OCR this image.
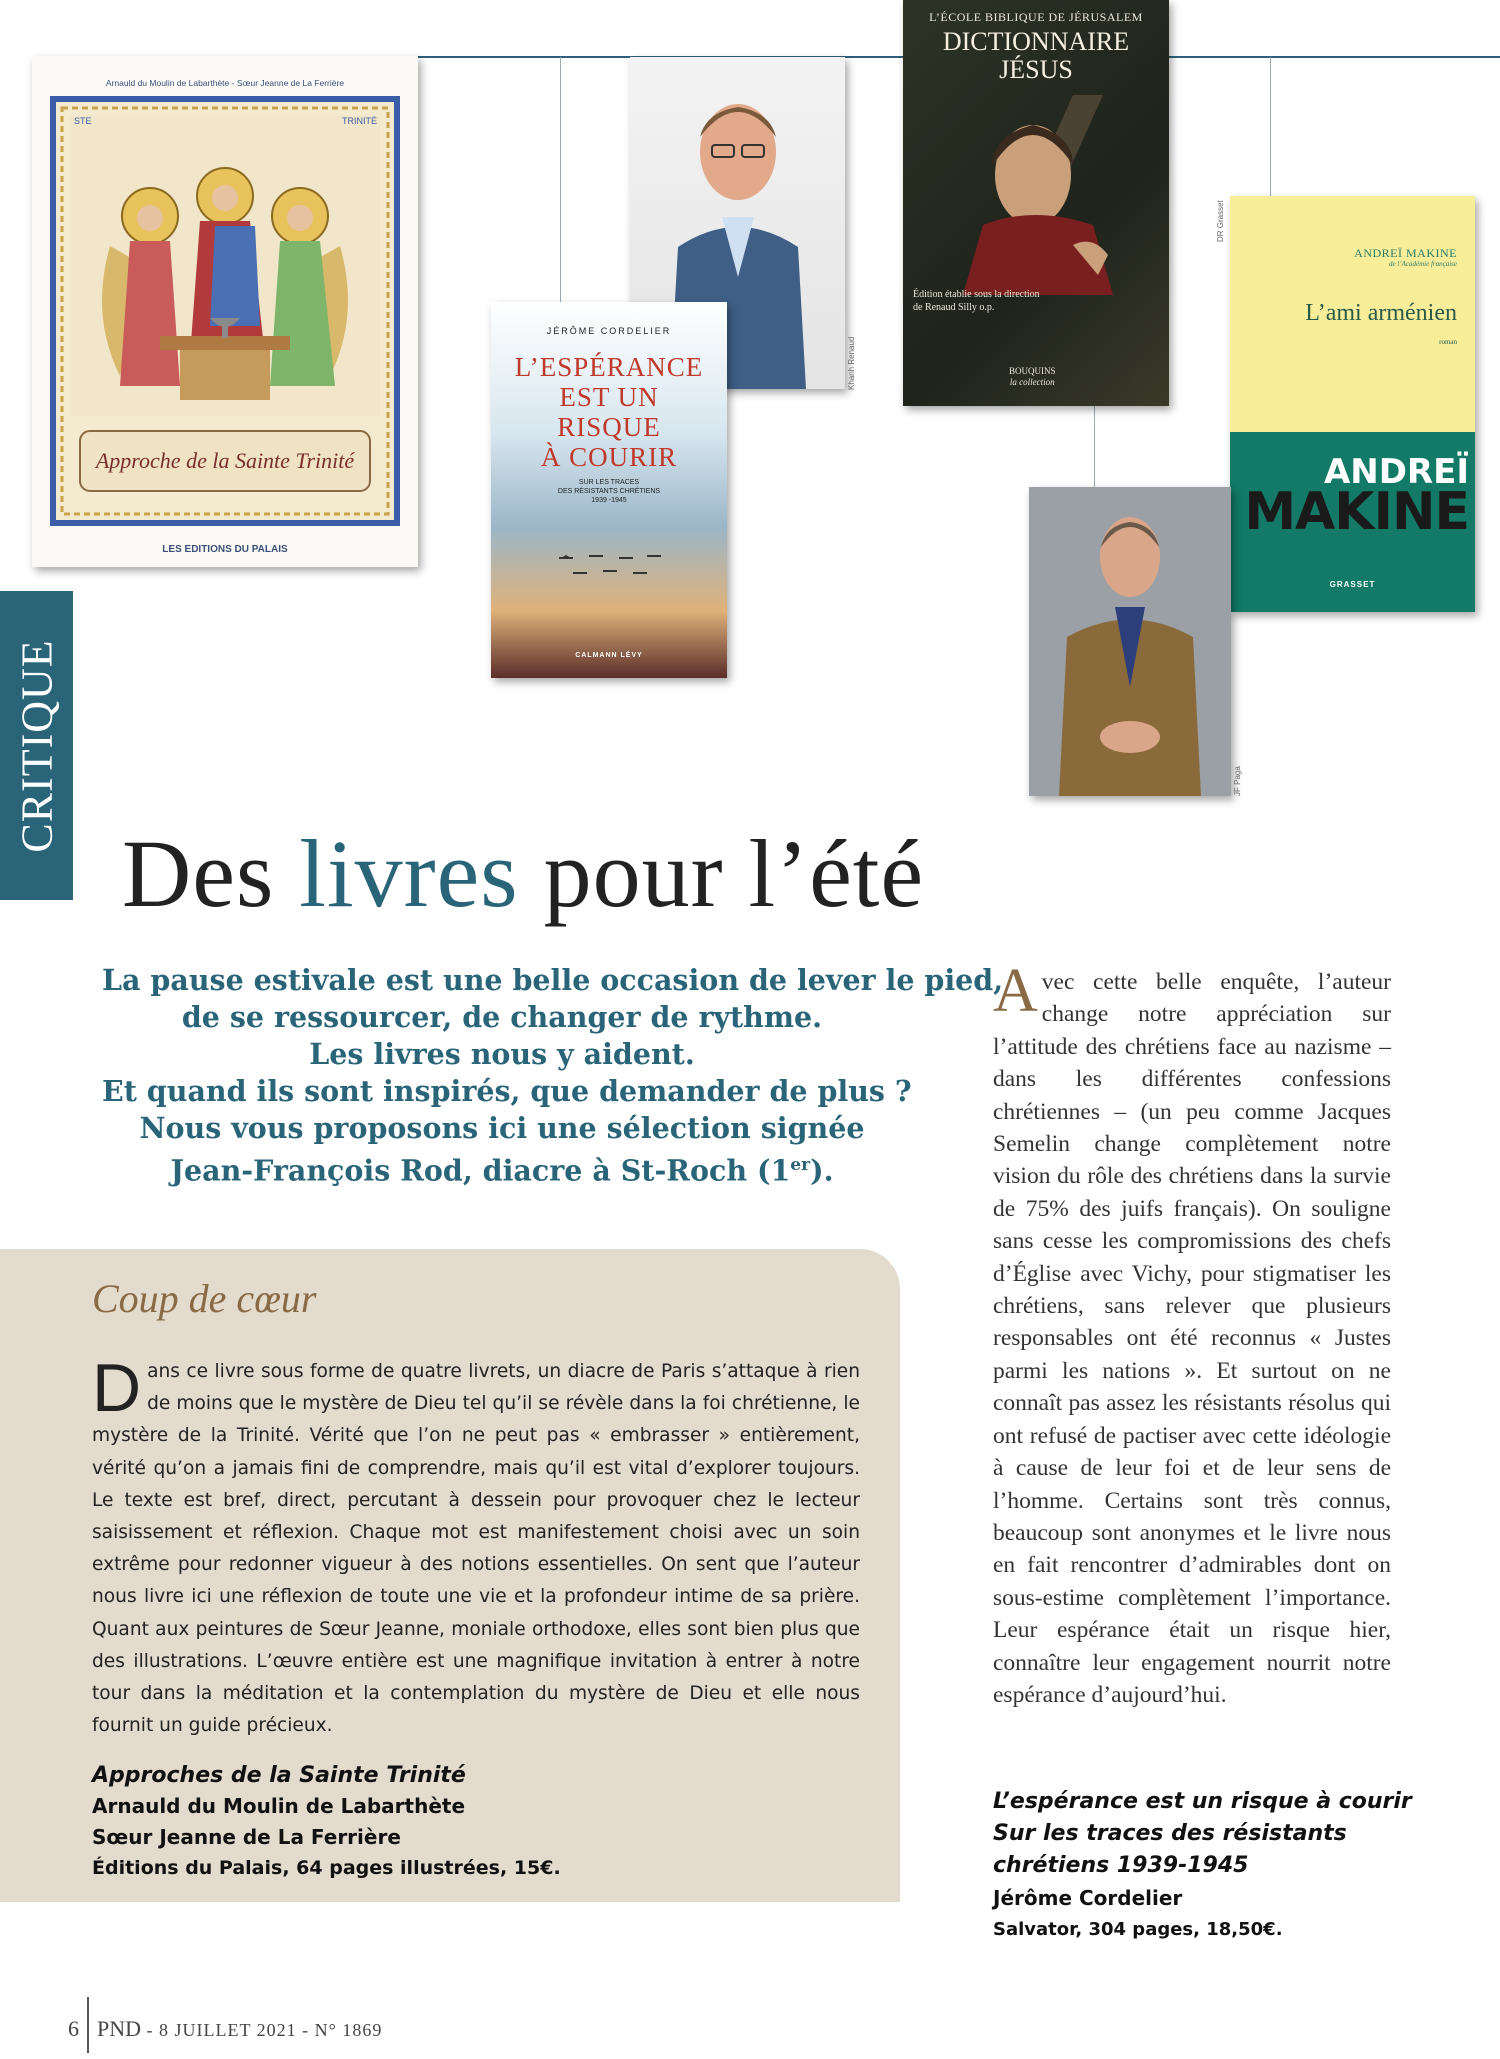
Arnauld du Moulin de Labarthète - Sœur Jeanne de La Ferrière
STE	TRINITÉ
Approche de la Sainte Trinité
LES EDITIONS DU PALAIS
Khanh Renaud
JÉRÔME CORDELIER
L’ESPÉRANCE
EST UN
RISQUE
À COURIR
SUR LES TRACES
DES RÉSISTANTS CHRÉTIENS
1939 -1945
CALMANN LÉVY
L’ÉCOLE BIBLIQUE DE JÉRUSALEM
DICTIONNAIRE
JÉSUS
Édition établie sous la direction
de Renaud Silly o.p.
BOUQUINS
la collection
ANDREÏ MAKINE
de l’Académie française
L’ami arménien
roman
ANDREÏ
MAKINE
GRASSET
DR Grasset
JF Paga
CRITIQUE
Des livres pour l’été
La pause estivale est une belle occasion de lever le pied,
de se ressourcer, de changer de rythme.
Les livres nous y aident.
Et quand ils sont inspirés, que demander de plus ?
Nous vous proposons ici une sélection signée
Jean-François Rod, diacre à St-Roch (1er).
Coup de cœur
Dans ce livre sous forme de quatre livrets, un diacre de Paris s’attaque à rien de moins que le mystère de Dieu tel qu’il se révèle dans la foi chrétienne, le mystère de la Trinité. Vérité que l’on ne peut pas « embrasser » entièrement, vérité qu’on a jamais fini de comprendre, mais qu’il est vital d’explorer toujours. Le texte est bref, direct, percutant à dessein pour provoquer chez le lecteur saisissement et réflexion. Chaque mot est manifestement choisi avec un soin extrême pour redonner vigueur à des notions essentielles. On sent que l’auteur nous livre ici une réflexion de toute une vie et la profondeur intime de sa prière. Quant aux peintures de Sœur Jeanne, moniale orthodoxe, elles sont bien plus que des illustrations. L’œuvre entière est une magnifique invitation à entrer à notre tour dans la méditation et la contemplation du mystère de Dieu et elle nous fournit un guide précieux.
Approches de la Sainte Trinité
Arnauld du Moulin de Labarthète
Sœur Jeanne de La Ferrière
Éditions du Palais, 64 pages illustrées, 15€.
Avec cette belle enquête, l’auteur change notre appréciation sur l’attitude des chrétiens face au nazisme – dans les différentes confessions chrétiennes – (un peu comme Jacques Semelin change complètement notre vision du rôle des chrétiens dans la survie de 75% des juifs français). On souligne sans cesse les compromissions des chefs d’Église avec Vichy, pour stigmatiser les chrétiens, sans relever que plusieurs responsables ont été reconnus « Justes parmi les nations ». Et surtout on ne connaît pas assez les résistants résolus qui ont refusé de pactiser avec cette idéologie à cause de leur foi et de leur sens de l’homme. Certains sont très connus, beaucoup sont anonymes et le livre nous en fait rencontrer d’admirables dont on sous-estime complètement l’importance. Leur espérance était un risque hier, connaître leur engagement nourrit notre espérance d’aujourd’hui.
L’espérance est un risque à courir
Sur les traces des résistants
chrétiens 1939-1945
Jérôme Cordelier
Salvator, 304 pages, 18,50€.
6 PND - 8 JUILLET 2021 - N° 1869
